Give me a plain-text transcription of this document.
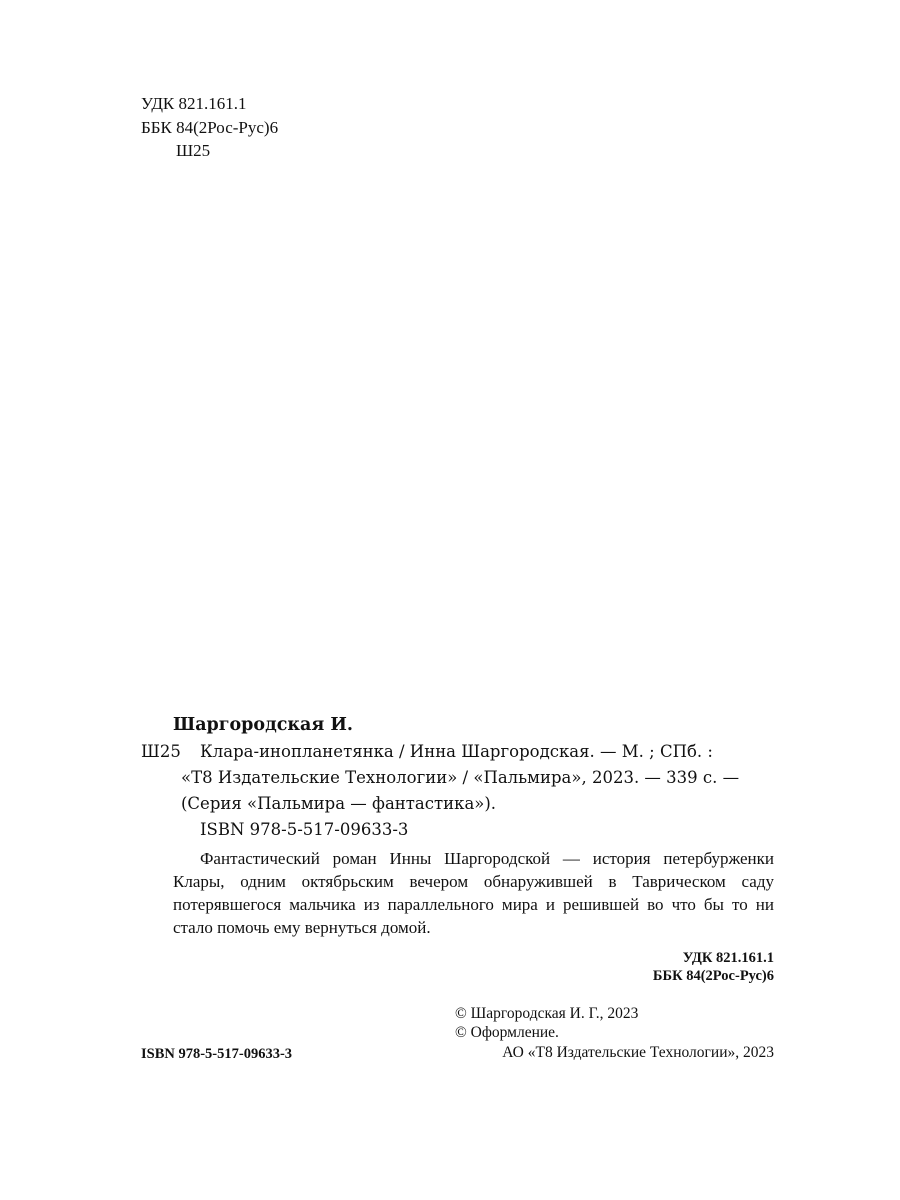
УДК 821.161.1
ББК 84(2Рос-Рус)6
Ш25
Шаргородская И.
Ш25 Клара-инопланетянка / Инна Шаргородская. — М. ; СПб. :
«Т8 Издательские Технологии» / «Пальмира», 2023. — 339 с. —
(Серия «Пальмира — фантастика»).
ISBN 978-5-517-09633-3

Фантастический роман Инны Шаргородской — история петербурженки Клары, одним октябрьским вечером обнаружившей в Таврическом саду потерявшегося мальчика из параллельного мира и решившей во что бы то ни стало помочь ему вернуться домой.

УДК 821.161.1
ББК 84(2Рос-Рус)6
© Шаргородская И. Г., 2023
© Оформление.
АО «Т8 Издательские Технологии», 2023
ISBN 978-5-517-09633-3
